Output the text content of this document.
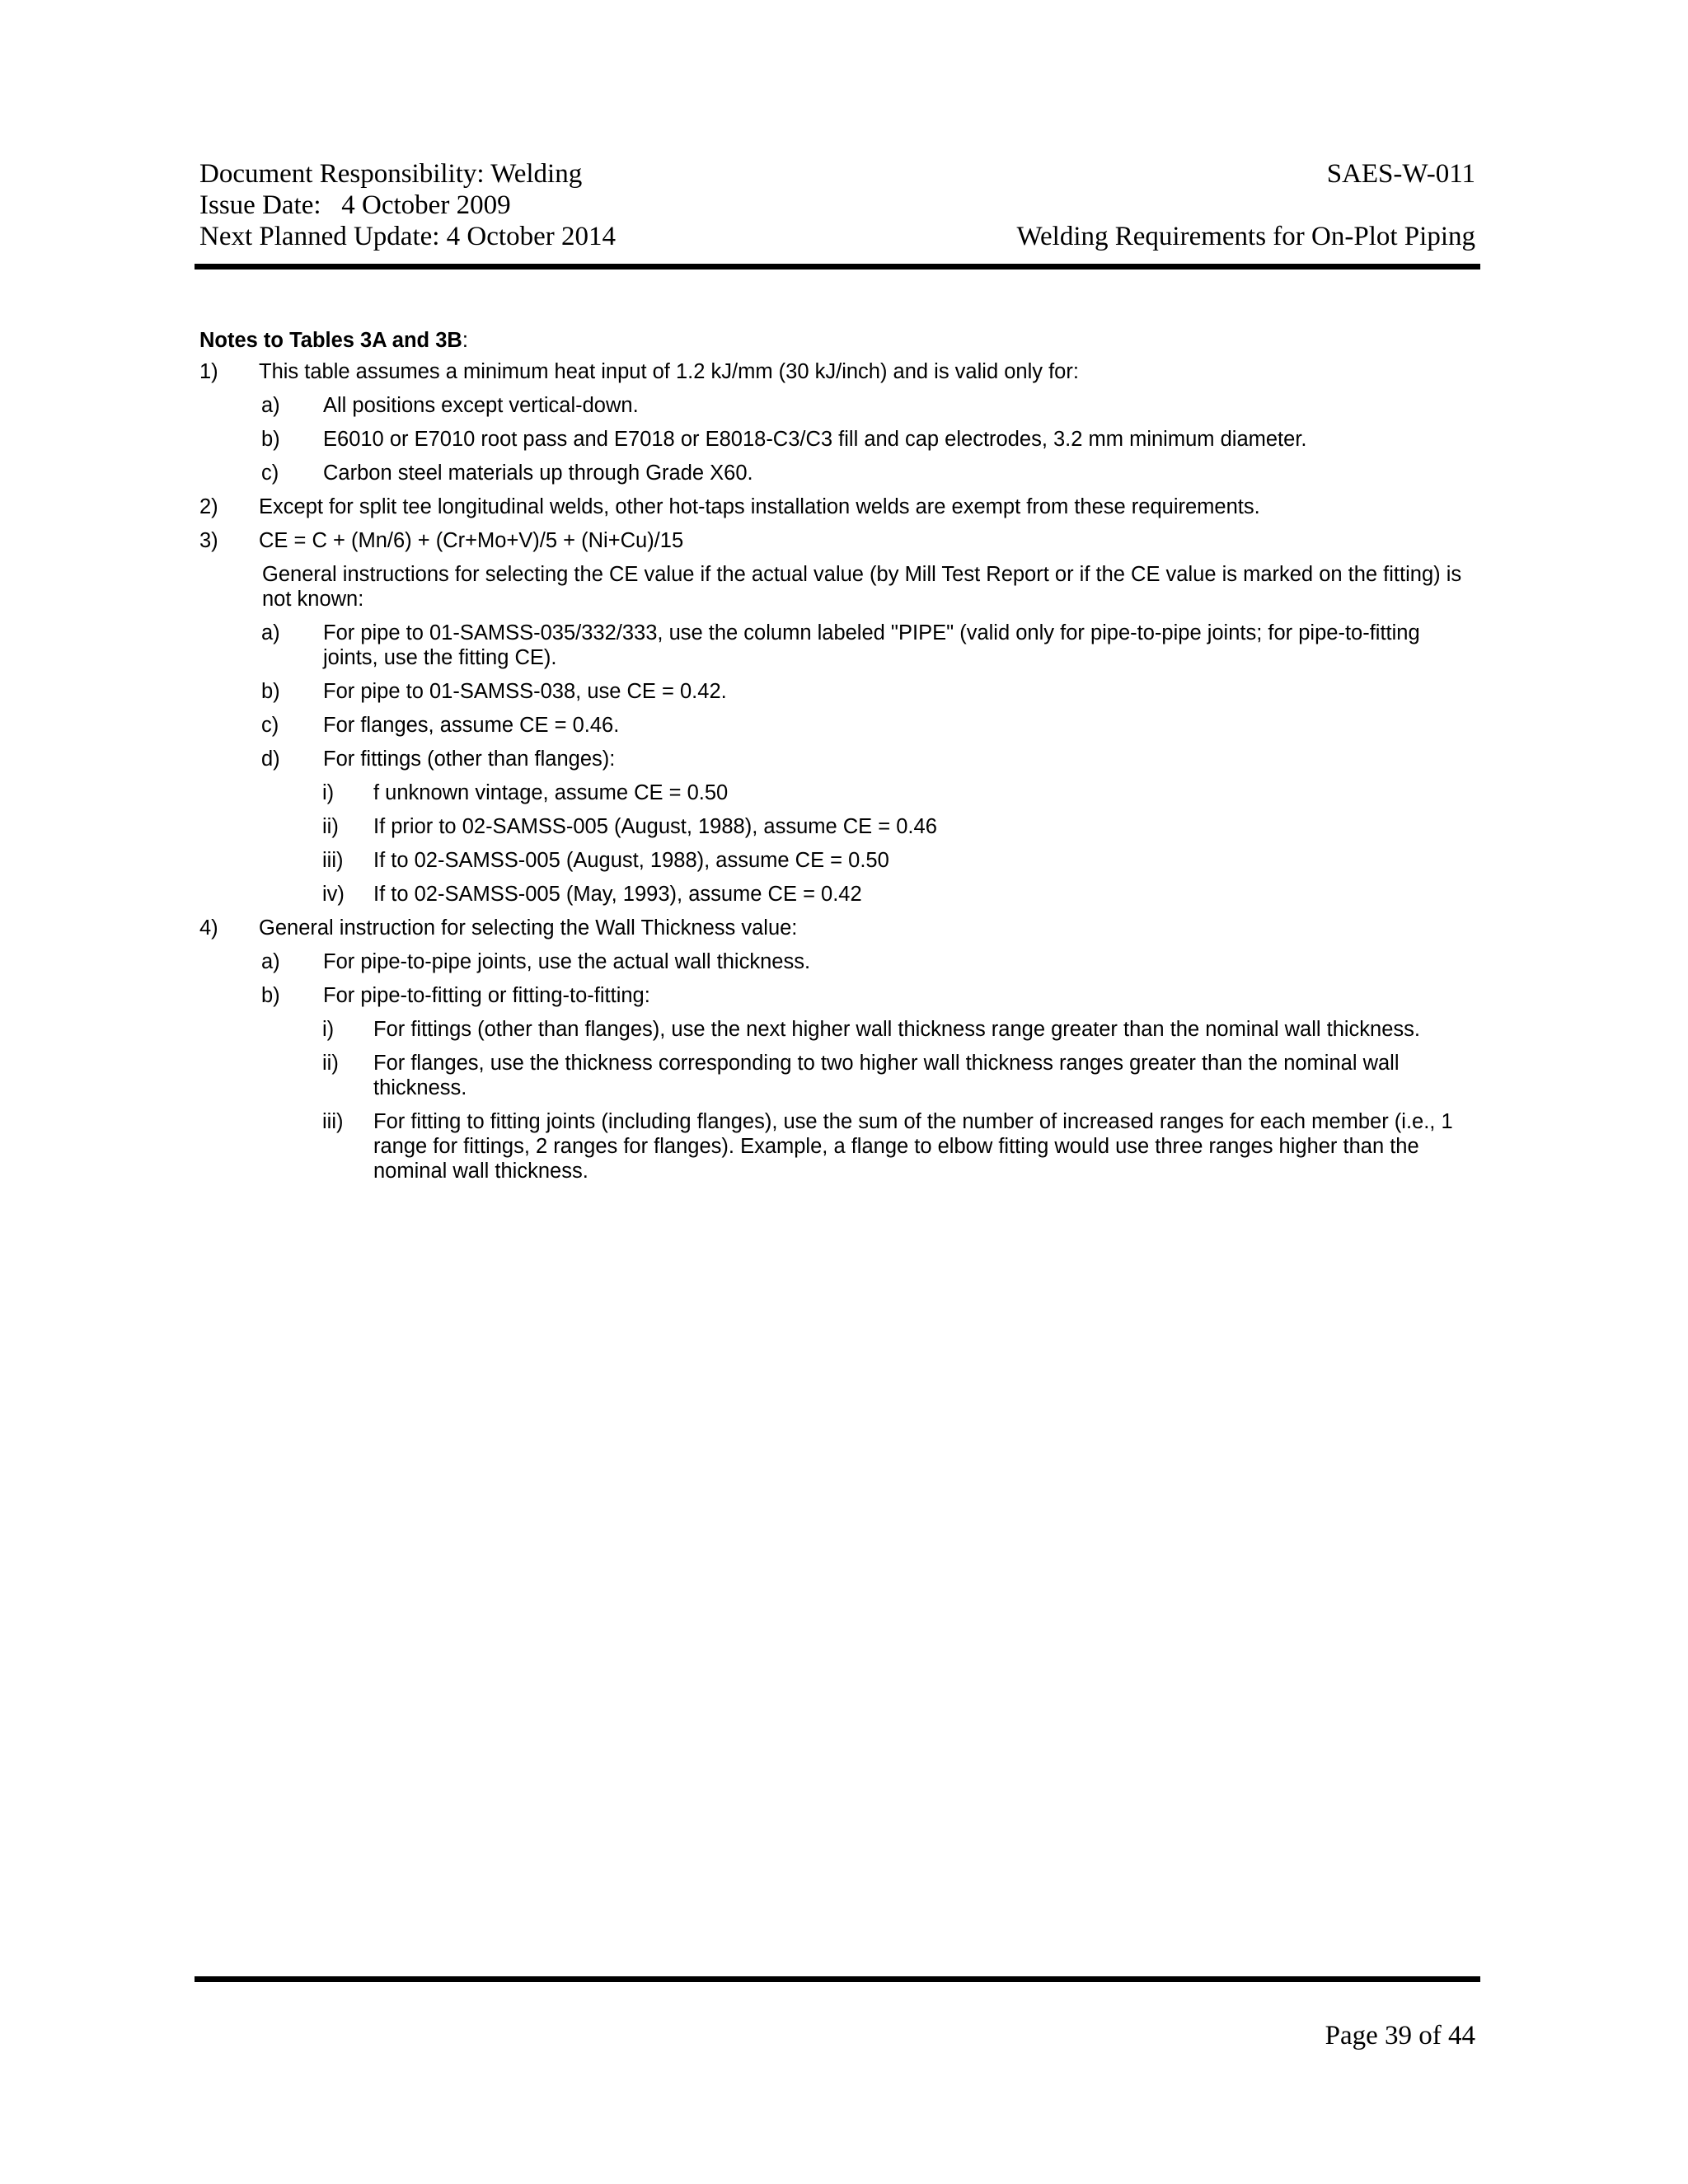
Document Responsibility: Welding
Issue Date:   4 October 2009
Next Planned Update: 4 October 2014
SAES-W-011
Welding Requirements for On-Plot Piping
Notes to Tables 3A and 3B:
1) This table assumes a minimum heat input of 1.2 kJ/mm (30 kJ/inch) and is valid only for:
a) All positions except vertical-down.
b) E6010 or E7010 root pass and E7018 or E8018-C3/C3 fill and cap electrodes, 3.2 mm minimum diameter.
c) Carbon steel materials up through Grade X60.
2) Except for split tee longitudinal welds, other hot-taps installation welds are exempt from these requirements.
3) CE = C + (Mn/6) + (Cr+Mo+V)/5 + (Ni+Cu)/15
General instructions for selecting the CE value if the actual value (by Mill Test Report or if the CE value is marked on the fitting) is not known:
a) For pipe to 01-SAMSS-035/332/333, use the column labeled "PIPE" (valid only for pipe-to-pipe joints; for pipe-to-fitting joints, use the fitting CE).
b) For pipe to 01-SAMSS-038, use CE = 0.42.
c) For flanges, assume CE = 0.46.
d) For fittings (other than flanges):
i) f unknown vintage, assume CE = 0.50
ii) If prior to 02-SAMSS-005 (August, 1988), assume CE = 0.46
iii) If to 02-SAMSS-005 (August, 1988), assume CE = 0.50
iv) If to 02-SAMSS-005 (May, 1993), assume CE = 0.42
4) General instruction for selecting the Wall Thickness value:
a) For pipe-to-pipe joints, use the actual wall thickness.
b) For pipe-to-fitting or fitting-to-fitting:
i) For fittings (other than flanges), use the next higher wall thickness range greater than the nominal wall thickness.
ii) For flanges, use the thickness corresponding to two higher wall thickness ranges greater than the nominal wall thickness.
iii) For fitting to fitting joints (including flanges), use the sum of the number of increased ranges for each member (i.e., 1 range for fittings, 2 ranges for flanges). Example, a flange to elbow fitting would use three ranges higher than the nominal wall thickness.
Page 39 of 44
